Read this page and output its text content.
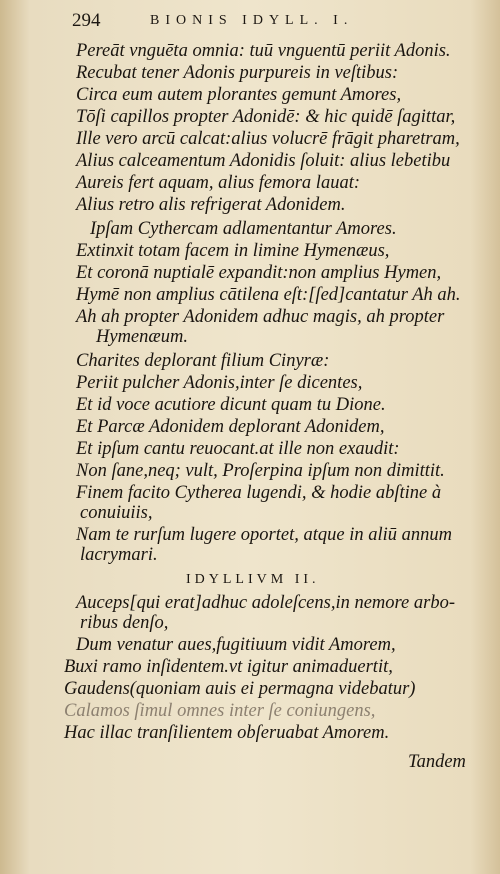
294	BIONIS IDYLL. I.
Pereāt vnguēta omnia: tuū vnguentū periit Adonis.
Recubat tener Adonis purpureis in veſtibus:
Circa eum autem plorantes gemunt Amores,
Tōſi capillos propter Adonidē: & hic quidē ſagittar,
Ille vero arcū calcat:alius volucrē frāgit pharetram,
Alius calceamentum Adonidis ſoluit: alius lebetibu
Aureis fert aquam, alius femora lauat:
Alius retro alis refrigerat Adonidem.
Ipſam Cythercam adlamentantur Amores.
Extinxit totam facem in limine Hymenæus,
Et coronā nuptialē expandit:non amplius Hymen,
Hymē non amplius cātilena eſt:[ſed]cantatur Ah ah.
Ah ah propter Adonidem adhuc magis, ah propter
Hymenæum.
Charites deplorant filium Cinyræ:
Periit pulcher Adonis,inter ſe dicentes,
Et id voce acutiore dicunt quam tu Dione.
Et Parcæ Adonidem deplorant Adonidem,
Et ipſum cantu reuocant.at ille non exaudit:
Non ſane,neq; vult, Proſerpina ipſum non dimittit.
Finem facito Cytherea lugendi, & hodie abſtine à
conuiuiis,
Nam te rurſum lugere oportet, atque in aliū annum
lacrymari.
IDYLLIVM II.
Auceps[qui erat]adhuc adoleſcens,in nemore arbo-
ribus denſo,
Dum venatur aues,fugitiuum vidit Amorem,
Buxi ramo inſidentem.vt igitur animaduertit,
Gaudens(quoniam auis ei permagna videbatur)
Calamos ſimul omnes inter ſe coniungens,
Hac illac tranſilientem obſeruabat Amorem.
Tandem
